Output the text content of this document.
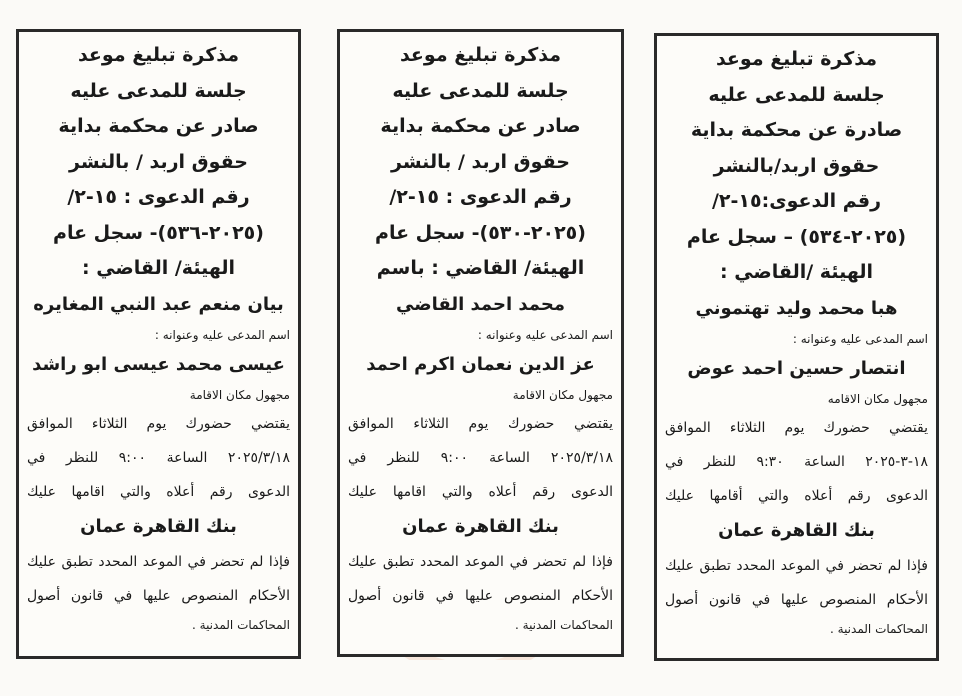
مذكرة تبليغ موعد
جلسة للمدعى عليه
صادر عن محكمة بداية
حقوق اربد / بالنشر
رقم الدعوى : ١٥-٢/
(٢٠٢٥-٥٣٦)- سجل عام
الهيئة/ القاضي :
بيان منعم عبد النبي المغايره
اسم المدعى عليه وعنوانه :
عيسى محمد عيسى ابو راشد
مجهول مكان الاقامة
يقتضي حضورك يوم الثلاثاء الموافق
٢٠٢٥/٣/١٨ الساعة ٩:٠٠ للنظر في
الدعوى رقم أعلاه والتي اقامها عليك
بنك القاهرة عمان
فإذا لم تحضر في الموعد المحدد تطبق عليك
الأحكام المنصوص عليها في قانون أصول
المحاكمات المدنية .
مذكرة تبليغ موعد
جلسة للمدعى عليه
صادر عن محكمة بداية
حقوق اربد / بالنشر
رقم الدعوى : ١٥-٢/
(٢٠٢٥-٥٣٠)- سجل عام
الهيئة/ القاضي : باسم
محمد احمد القاضي
اسم المدعى عليه وعنوانه :
عز الدين نعمان اكرم احمد
مجهول مكان الاقامة
يقتضي حضورك يوم الثلاثاء الموافق
٢٠٢٥/٣/١٨ الساعة ٩:٠٠ للنظر في
الدعوى رقم أعلاه والتي اقامها عليك
بنك القاهرة عمان
فإذا لم تحضر في الموعد المحدد تطبق عليك
الأحكام المنصوص عليها في قانون أصول
المحاكمات المدنية .
مذكرة تبليغ موعد
جلسة للمدعى عليه
صادرة عن محكمة بداية
حقوق اربد/بالنشر
رقم الدعوى:١٥-٢/
(٢٠٢٥-٥٣٤) – سجل عام
الهيئة /القاضي :
هبا محمد وليد تهتموني
اسم المدعى عليه وعنوانه :
انتصار حسين احمد عوض
مجهول مكان الاقامه
يقتضي حضورك يوم الثلاثاء الموافق
١٨-٣-٢٠٢٥ الساعة ٩:٣٠ للنظر في
الدعوى رقم أعلاه والتي أقامها عليك
بنك القاهرة عمان
فإذا لم تحضر في الموعد المحدد تطبق عليك
الأحكام المنصوص عليها في قانون أصول
المحاكمات المدنية .
